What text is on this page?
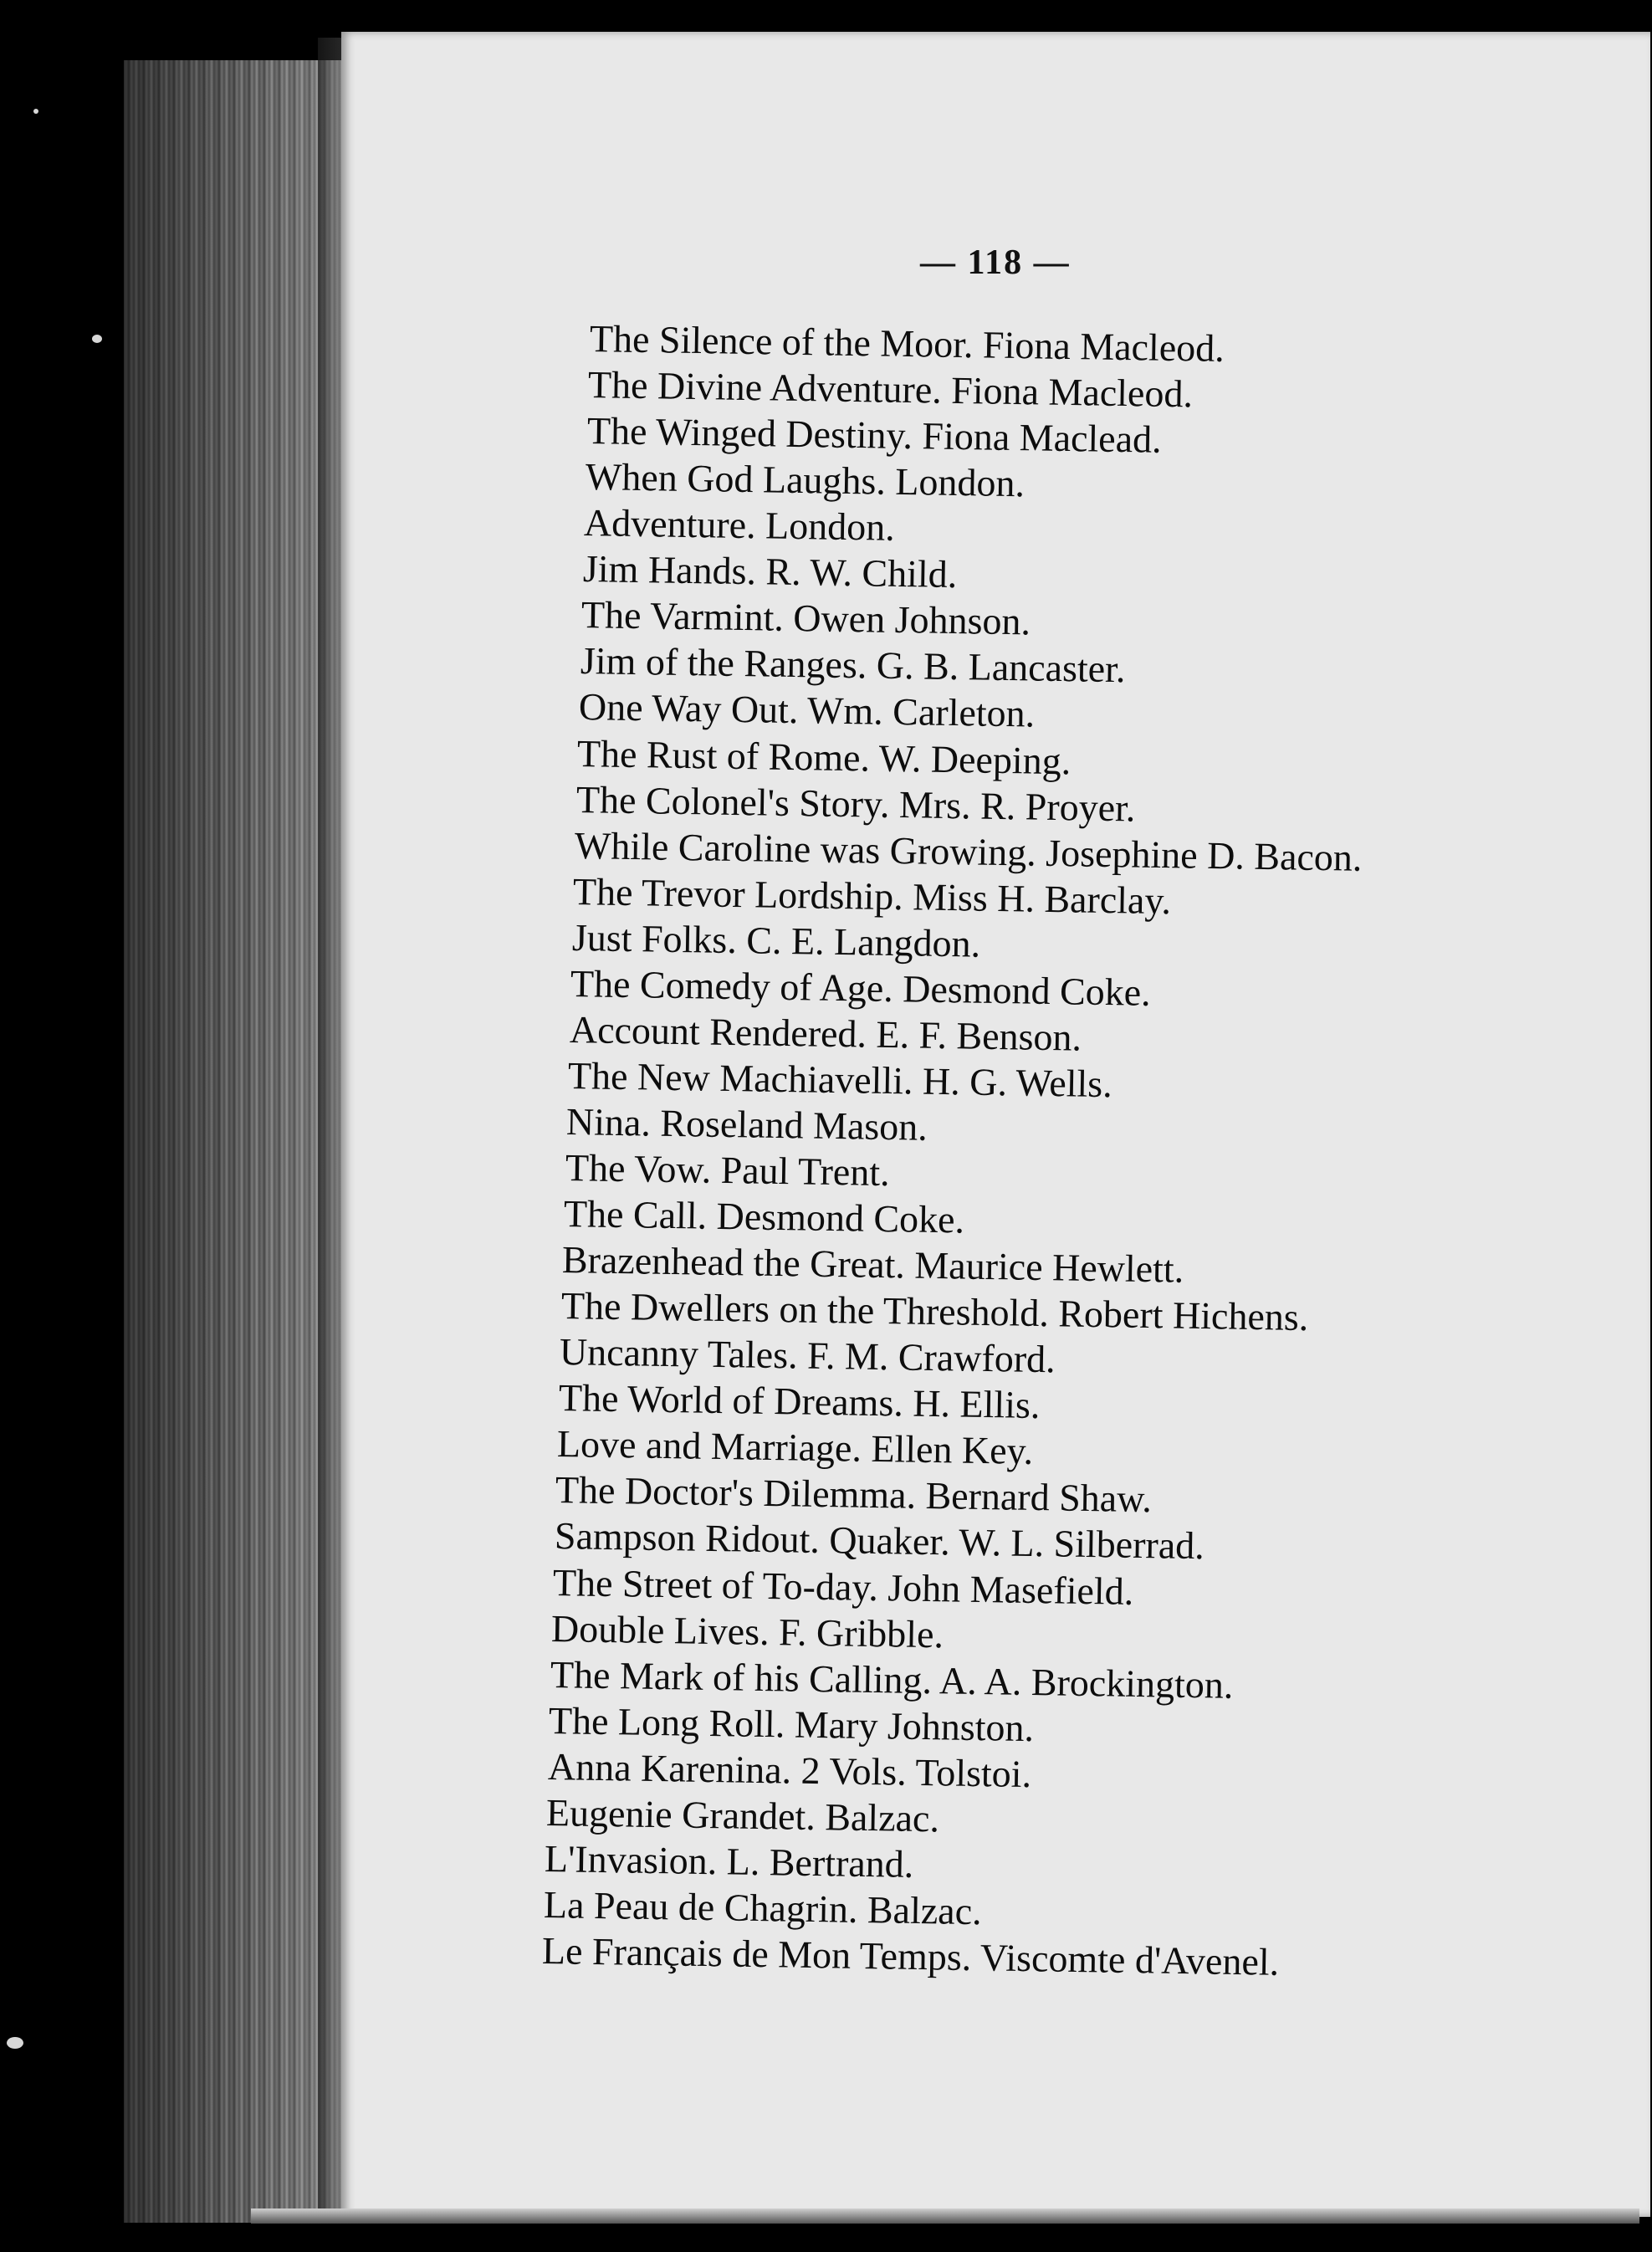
— 118 —
The Silence of the Moor. Fiona Macleod.
The Divine Adventure. Fiona Macleod.
The Winged Destiny. Fiona Maclead.
When God Laughs. London.
Adventure. London.
Jim Hands. R. W. Child.
The Varmint. Owen Johnson.
Jim of the Ranges. G. B. Lancaster.
One Way Out. Wm. Carleton.
The Rust of Rome. W. Deeping.
The Colonel's Story. Mrs. R. Proyer.
While Caroline was Growing. Josephine D. Bacon.
The Trevor Lordship. Miss H. Barclay.
Just Folks. C. E. Langdon.
The Comedy of Age. Desmond Coke.
Account Rendered. E. F. Benson.
The New Machiavelli. H. G. Wells.
Nina. Roseland Mason.
The Vow. Paul Trent.
The Call. Desmond Coke.
Brazenhead the Great. Maurice Hewlett.
The Dwellers on the Threshold. Robert Hichens.
Uncanny Tales. F. M. Crawford.
The World of Dreams. H. Ellis.
Love and Marriage. Ellen Key.
The Doctor's Dilemma. Bernard Shaw.
Sampson Ridout. Quaker. W. L. Silberrad.
The Street of To-day. John Masefield.
Double Lives. F. Gribble.
The Mark of his Calling. A. A. Brockington.
The Long Roll. Mary Johnston.
Anna Karenina. 2 Vols. Tolstoi.
Eugenie Grandet. Balzac.
L'Invasion. L. Bertrand.
La Peau de Chagrin. Balzac.
Le Français de Mon Temps. Viscomte d'Avenel.
